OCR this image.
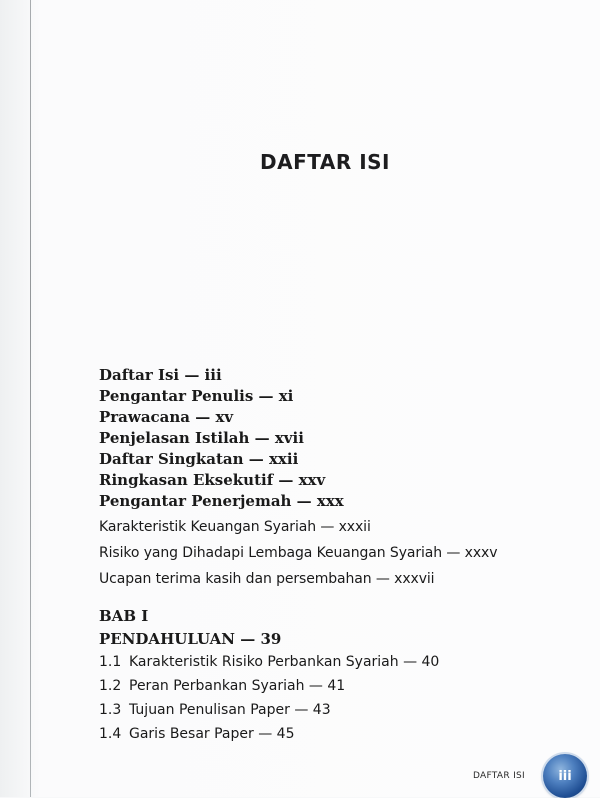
DAFTAR ISI
Daftar Isi — iii
Pengantar Penulis — xi
Prawacana — xv
Penjelasan Istilah — xvii
Daftar Singkatan — xxii
Ringkasan Eksekutif — xxv
Pengantar Penerjemah — xxx
Karakteristik Keuangan Syariah — xxxii
Risiko yang Dihadapi Lembaga Keuangan Syariah — xxxv
Ucapan terima kasih dan persembahan — xxxvii
BAB I
PENDAHULUAN — 39
1.1 Karakteristik Risiko Perbankan Syariah — 40
1.2 Peran Perbankan Syariah — 41
1.3 Tujuan Penulisan Paper — 43
1.4 Garis Besar Paper — 45
DAFTAR ISI	iii
